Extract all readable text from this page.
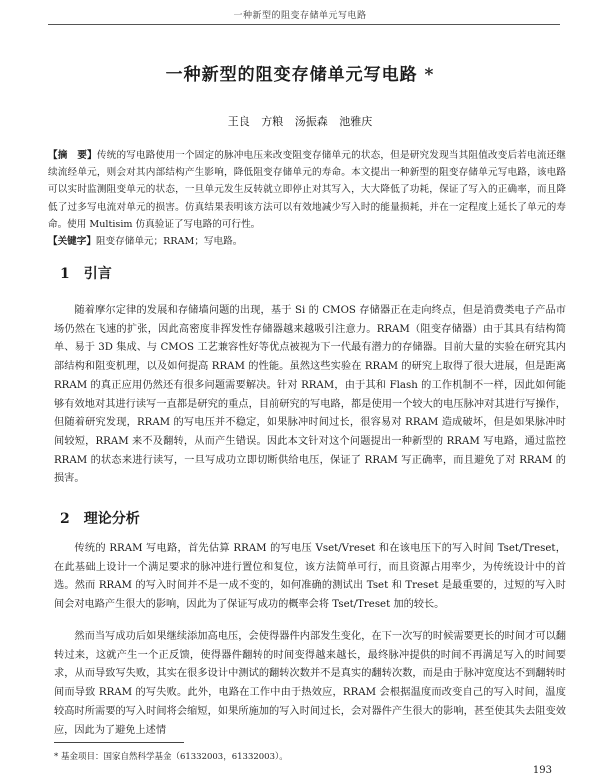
一种新型的阻变存储单元写电路
一种新型的阻变存储单元写电路 *
王良 方粮 汤振森 池雅庆
【摘　要】传统的写电路使用一个固定的脉冲电压来改变阻变存储单元的状态，但是研究发现当其阻值改变后若电流还继续流经单元，则会对其内部结构产生影响，降低阻变存储单元的寿命。本文提出一种新型的阻变存储单元写电路，该电路可以实时监测阻变单元的状态，一旦单元发生反转就立即停止对其写入，大大降低了功耗，保证了写入的正确率，而且降低了过多写电流对单元的损害。仿真结果表明该方法可以有效地减少写入时的能量损耗，并在一定程度上延长了单元的寿命。使用 Multisim 仿真验证了写电路的可行性。
【关键字】阻变存储单元；RRAM；写电路。
1 引言

随着摩尔定律的发展和存储墙问题的出现，基于 Si 的 CMOS 存储器正在走向终点，但是消费类电子产品市场仍然在飞速的扩张，因此高密度非挥发性存储器越来越吸引注意力。RRAM（阻变存储器）由于其具有结构简单、易于 3D 集成、与 CMOS 工艺兼容性好等优点被视为下一代最有潜力的存储器。目前大量的实验在研究其内部结构和阻变机理，以及如何提高 RRAM 的性能。虽然这些实验在 RRAM 的研究上取得了很大进展，但是距离 RRAM 的真正应用仍然还有很多问题需要解决。针对 RRAM，由于其和 Flash 的工作机制不一样，因此如何能够有效地对其进行读写一直都是研究的重点，目前研究的写电路，都是使用一个较大的电压脉冲对其进行写操作，但随着研究发现，RRAM 的写电压并不稳定，如果脉冲时间过长，很容易对 RRAM 造成破坏，但是如果脉冲时间较短，RRAM 来不及翻转，从而产生错误。因此本文针对这个问题提出一种新型的 RRAM 写电路，通过监控 RRAM 的状态来进行读写，一旦写成功立即切断供给电压，保证了 RRAM 写正确率，而且避免了对 RRAM 的损害。

2 理论分析

传统的 RRAM 写电路，首先估算 RRAM 的写电压 Vset/Vreset 和在该电压下的写入时间 Tset/Treset，在此基础上设计一个满足要求的脉冲进行置位和复位，该方法简单可行，而且资源占用率少，为传统设计中的首选。然而 RRAM 的写入时间并不是一成不变的，如何准确的测试出 Tset 和 Treset 是最重要的，过短的写入时间会对电路产生很大的影响，因此为了保证写成功的概率会将 Tset/Treset 加的较长。

然而当写成功后如果继续添加高电压，会使得器件内部发生变化，在下一次写的时候需要更长的时间才可以翻转过来，这就产生一个正反馈，使得器件翻转的时间变得越来越长，最终脉冲提供的时间不再满足写入的时间要求，从而导致写失败，其实在很多设计中测试的翻转次数并不是真实的翻转次数，而是由于脉冲宽度达不到翻转时间而导致 RRAM 的写失败。此外，电路在工作中由于热效应，RRAM 会根据温度而改变自己的写入时间，温度较高时所需要的写入时间将会缩短，如果所施加的写入时间过长，会对器件产生很大的影响，甚至使其失去阻变效应，因此为了避免上述情

* 基金项目：国家自然科学基金（61332003，61332003）。
193
